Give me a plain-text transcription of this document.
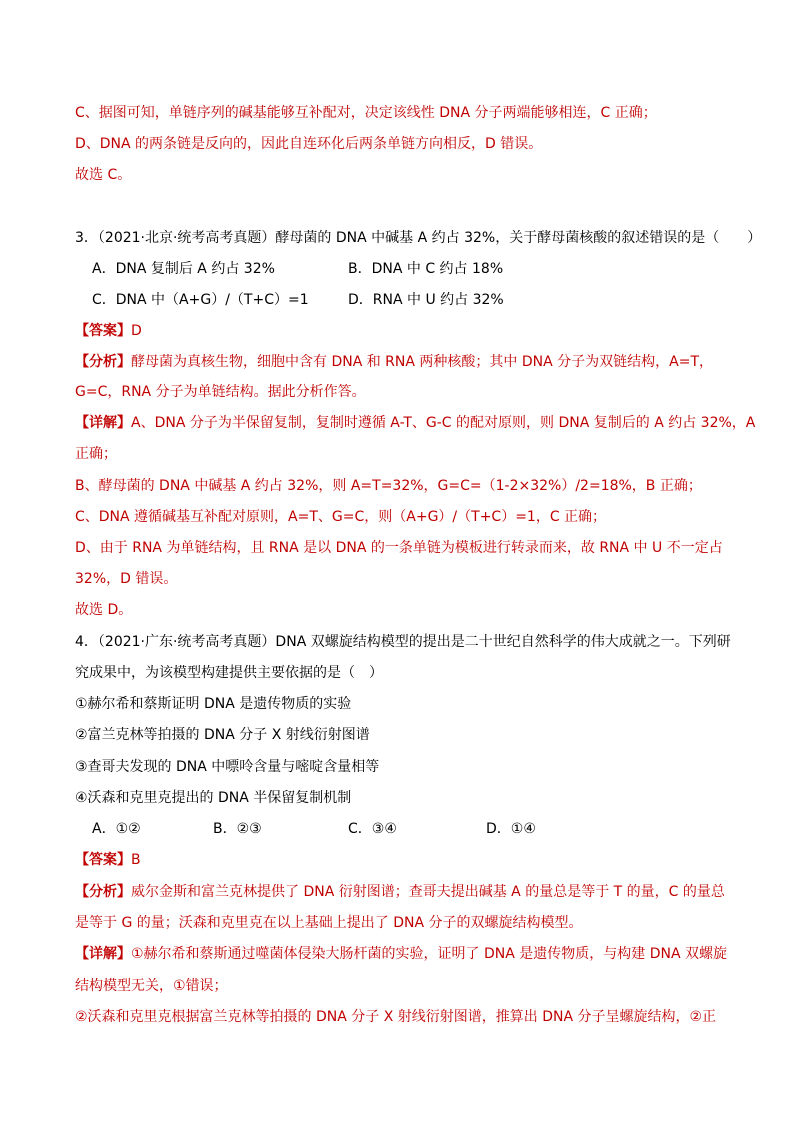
C、据图可知，单链序列的碱基能够互补配对，决定该线性 DNA 分子两端能够相连，C 正确；
D、DNA 的两条链是反向的，因此自连环化后两条单链方向相反，D 错误。
故选 C。
3．（2021·北京·统考高考真题）酵母菌的 DNA 中碱基 A 约占 32%，关于酵母菌核酸的叙述错误的是（　　）
A．DNA 复制后 A 约占 32%	B．DNA 中 C 约占 18%
C．DNA 中（A+G）/（T+C）=1	D．RNA 中 U 约占 32%
【答案】D
【分析】酵母菌为真核生物，细胞中含有 DNA 和 RNA 两种核酸；其中 DNA 分子为双链结构，A=T，
G=C，RNA 分子为单链结构。据此分析作答。
【详解】A、DNA 分子为半保留复制，复制时遵循 A-T、G-C 的配对原则，则 DNA 复制后的 A 约占 32%，A
正确；
B、酵母菌的 DNA 中碱基 A 约占 32%，则 A=T=32%，G=C=（1-2×32%）/2=18%，B 正确；
C、DNA 遵循碱基互补配对原则，A=T、G=C，则（A+G）/（T+C）=1，C 正确；
D、由于 RNA 为单链结构，且 RNA 是以 DNA 的一条单链为模板进行转录而来，故 RNA 中 U 不一定占
32%，D 错误。
故选 D。
4．（2021·广东·统考高考真题）DNA 双螺旋结构模型的提出是二十世纪自然科学的伟大成就之一。下列研
究成果中，为该模型构建提供主要依据的是（　）
①赫尔希和蔡斯证明 DNA 是遗传物质的实验
②富兰克林等拍摄的 DNA 分子 X 射线衍射图谱
③查哥夫发现的 DNA 中嘌呤含量与嘧啶含量相等
④沃森和克里克提出的 DNA 半保留复制机制
A．①②	B．②③	C．③④	D．①④
【答案】B
【分析】威尔金斯和富兰克林提供了 DNA 衍射图谱；查哥夫提出碱基 A 的量总是等于 T 的量，C 的量总
是等于 G 的量；沃森和克里克在以上基础上提出了 DNA 分子的双螺旋结构模型。
【详解】①赫尔希和蔡斯通过噬菌体侵染大肠杆菌的实验，证明了 DNA 是遗传物质，与构建 DNA 双螺旋
结构模型无关，①错误；
②沃森和克里克根据富兰克林等拍摄的 DNA 分子 X 射线衍射图谱，推算出 DNA 分子呈螺旋结构，②正
